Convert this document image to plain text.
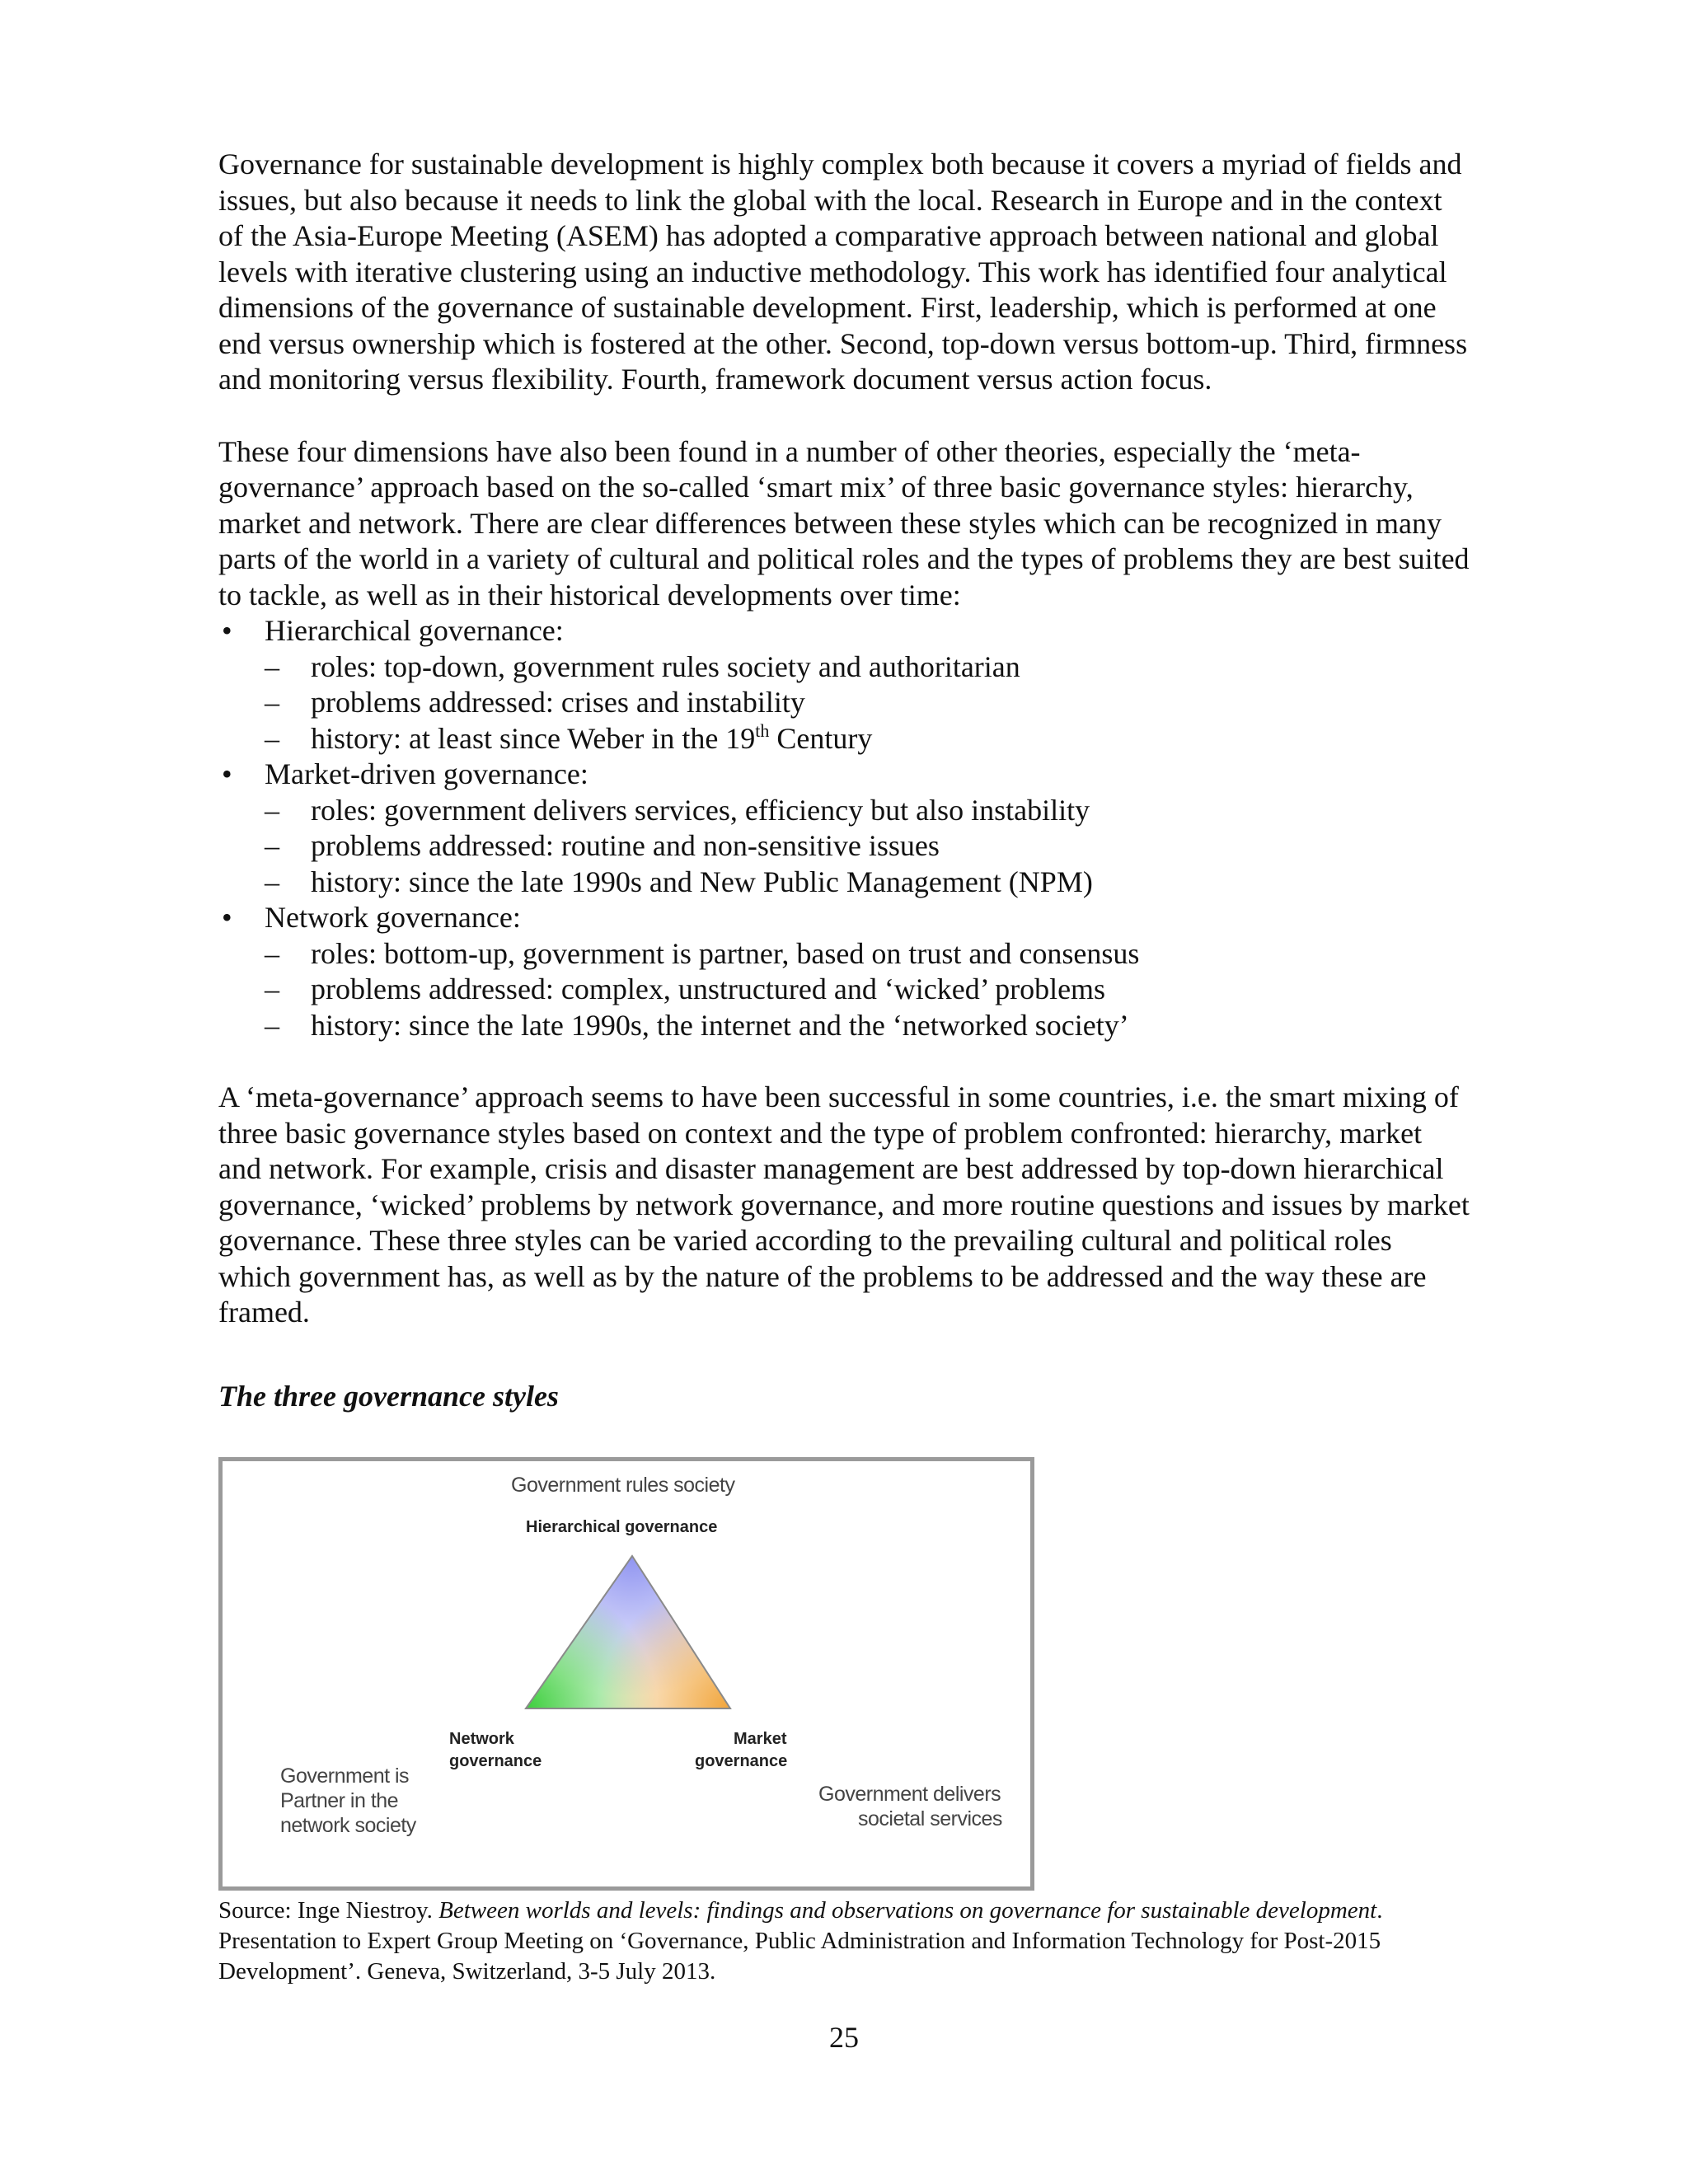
Governance for sustainable development is highly complex both because it covers a myriad of fields and issues, but also because it needs to link the global with the local. Research in Europe and in the context of the Asia-Europe Meeting (ASEM) has adopted a comparative approach between national and global levels with iterative clustering using an inductive methodology. This work has identified four analytical dimensions of the governance of sustainable development. First, leadership, which is performed at one end versus ownership which is fostered at the other. Second, top-down versus bottom-up. Third, firmness and monitoring versus flexibility. Fourth, framework document versus action focus.

These four dimensions have also been found in a number of other theories, especially the ‘meta-governance’ approach based on the so-called ‘smart mix’ of three basic governance styles: hierarchy, market and network. There are clear differences between these styles which can be recognized in many parts of the world in a variety of cultural and political roles and the types of problems they are best suited to tackle, as well as in their historical developments over time:

• Hierarchical governance:
– roles: top-down, government rules society and authoritarian
– problems addressed: crises and instability
– history: at least since Weber in the 19th Century
• Market-driven governance:
– roles: government delivers services, efficiency but also instability
– problems addressed: routine and non-sensitive issues
– history: since the late 1990s and New Public Management (NPM)
• Network governance:
– roles: bottom-up, government is partner, based on trust and consensus
– problems addressed: complex, unstructured and ‘wicked’ problems
– history: since the late 1990s, the internet and the ‘networked society’

A ‘meta-governance’ approach seems to have been successful in some countries, i.e. the smart mixing of three basic governance styles based on context and the type of problem confronted: hierarchy, market and network. For example, crisis and disaster management are best addressed by top-down hierarchical governance, ‘wicked’ problems by network governance, and more routine questions and issues by market governance. These three styles can be varied according to the prevailing cultural and political roles which government has, as well as by the nature of the problems to be addressed and the way these are framed.

The three governance styles

Government rules society
Hierarchical governance
Network
governance
Market
governance
Government is
Partner in the
network society
Government delivers
societal services
Source: Inge Niestroy. Between worlds and levels: findings and observations on governance for sustainable development. Presentation to Expert Group Meeting on ‘Governance, Public Administration and Information Technology for Post-2015 Development’. Geneva, Switzerland, 3-5 July 2013.
25
